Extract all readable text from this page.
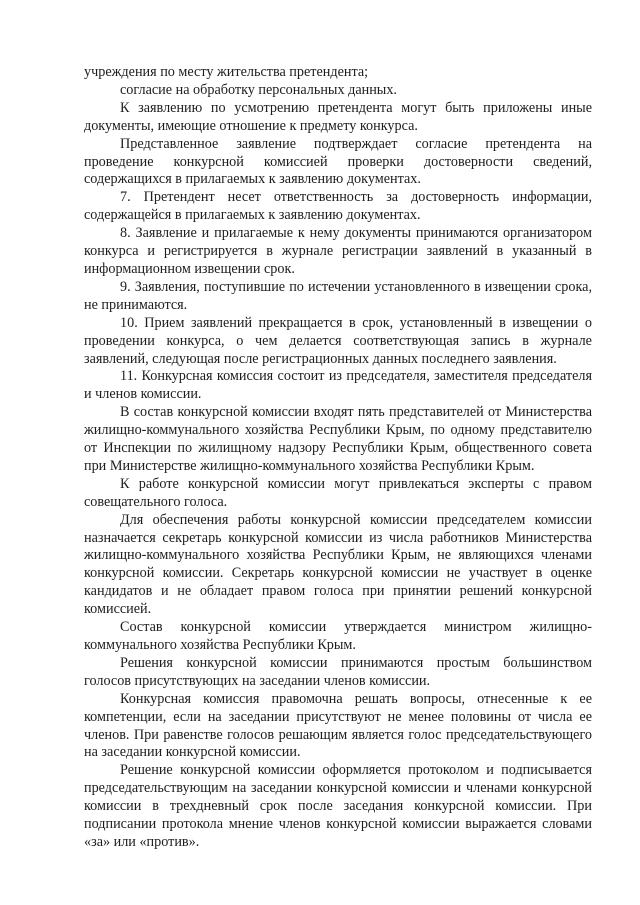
учреждения по месту жительства претендента;

согласие на обработку персональных данных.

К заявлению по усмотрению претендента могут быть приложены иные документы, имеющие отношение к предмету конкурса.

Представленное заявление подтверждает согласие претендента на проведение конкурсной комиссией проверки достоверности сведений, содержащихся в прилагаемых к заявлению документах.

7. Претендент несет ответственность за достоверность информации, содержащейся в прилагаемых к заявлению документах.

8. Заявление и прилагаемые к нему документы принимаются организатором конкурса и регистрируется в журнале регистрации заявлений в указанный в информационном извещении срок.

9. Заявления, поступившие по истечении установленного в извещении срока, не принимаются.

10. Прием заявлений прекращается в срок, установленный в извещении о проведении конкурса, о чем делается соответствующая запись в журнале заявлений, следующая после регистрационных данных последнего заявления.

11. Конкурсная комиссия состоит из председателя, заместителя председателя и членов комиссии.

В состав конкурсной комиссии входят пять представителей от Министерства жилищно-коммунального хозяйства Республики Крым, по одному представителю от Инспекции по жилищному надзору Республики Крым, общественного совета при Министерстве жилищно-коммунального хозяйства Республики Крым.

К работе конкурсной комиссии могут привлекаться эксперты с правом совещательного голоса.

Для обеспечения работы конкурсной комиссии председателем комиссии назначается секретарь конкурсной комиссии из числа работников Министерства жилищно-коммунального хозяйства Республики Крым, не являющихся членами конкурсной комиссии. Секретарь конкурсной комиссии не участвует в оценке кандидатов и не обладает правом голоса при принятии решений конкурсной комиссией.

Состав конкурсной комиссии утверждается министром жилищно-коммунального хозяйства Республики Крым.

Решения конкурсной комиссии принимаются простым большинством голосов присутствующих на заседании членов комиссии.

Конкурсная комиссия правомочна решать вопросы, отнесенные к ее компетенции, если на заседании присутствуют не менее половины от числа ее членов. При равенстве голосов решающим является голос председательствующего на заседании конкурсной комиссии.

Решение конкурсной комиссии оформляется протоколом и подписывается председательствующим на заседании конкурсной комиссии и членами конкурсной комиссии в трехдневный срок после заседания конкурсной комиссии. При подписании протокола мнение членов конкурсной комиссии выражается словами «за» или «против».
